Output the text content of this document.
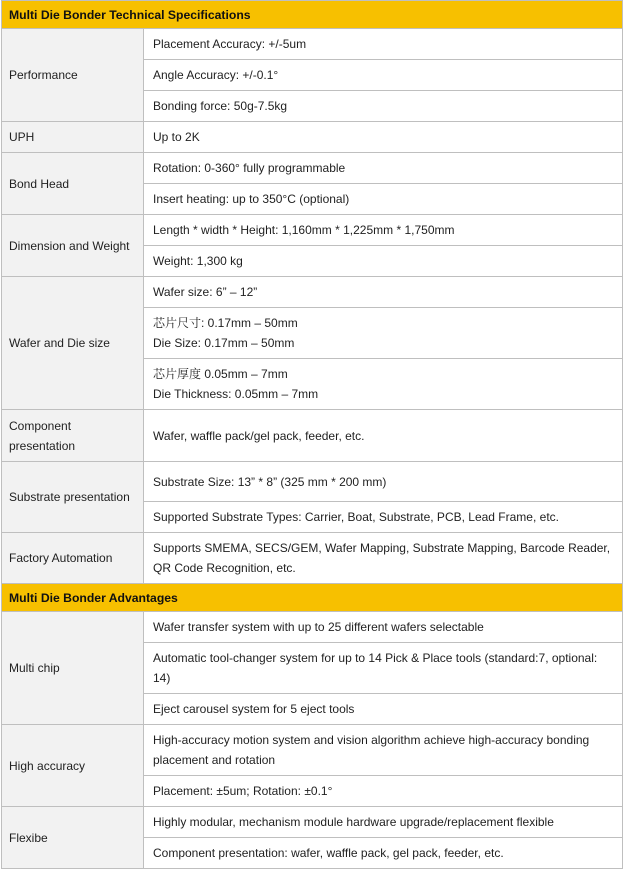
Multi Die Bonder Technical Specifications	
Performance	Placement Accuracy: +/-5um
	Angle Accuracy: +/-0.1°
	Bonding force: 50g-7.5kg
UPH	Up to 2K
Bond Head	Rotation: 0-360° fully programmable
	Insert heating: up to 350°C (optional)
Dimension and Weight	Length * width * Height: 1,160mm * 1,225mm * 1,750mm
	Weight: 1,300 kg
Wafer and Die size	Wafer size: 6” – 12”

	芯片尺寸: 0.17mm – 50mm
Die Size: 0.17mm – 50mm

	芯片厚度 0.05mm – 7mm
Die Thickness: 0.05mm – 7mm

Component presentation	Wafer, waffle pack/gel pack, feeder, etc.
Substrate presentation	Substrate Size: 13” * 8” (325 mm * 200 mm)
	Supported Substrate Types: Carrier, Boat, Substrate, PCB, Lead Frame, etc.
Factory Automation	Supports SMEMA, SECS/GEM, Wafer Mapping, Substrate Mapping, Barcode Reader, QR Code Recognition, etc.
Multi Die Bonder Advantages	
Multi chip	Wafer transfer system with up to 25 different wafers selectable
	Automatic tool-changer system for up to 14 Pick & Place tools (standard:7, optional: 14)
	Eject carousel system for 5 eject tools
High accuracy	High-accuracy motion system and vision algorithm achieve high-accuracy bonding placement and rotation
	Placement: ±5um; Rotation: ±0.1°
Flexibe	Highly modular, mechanism module hardware upgrade/replacement flexible
	Component presentation: wafer, waffle pack, gel pack, feeder, etc.
